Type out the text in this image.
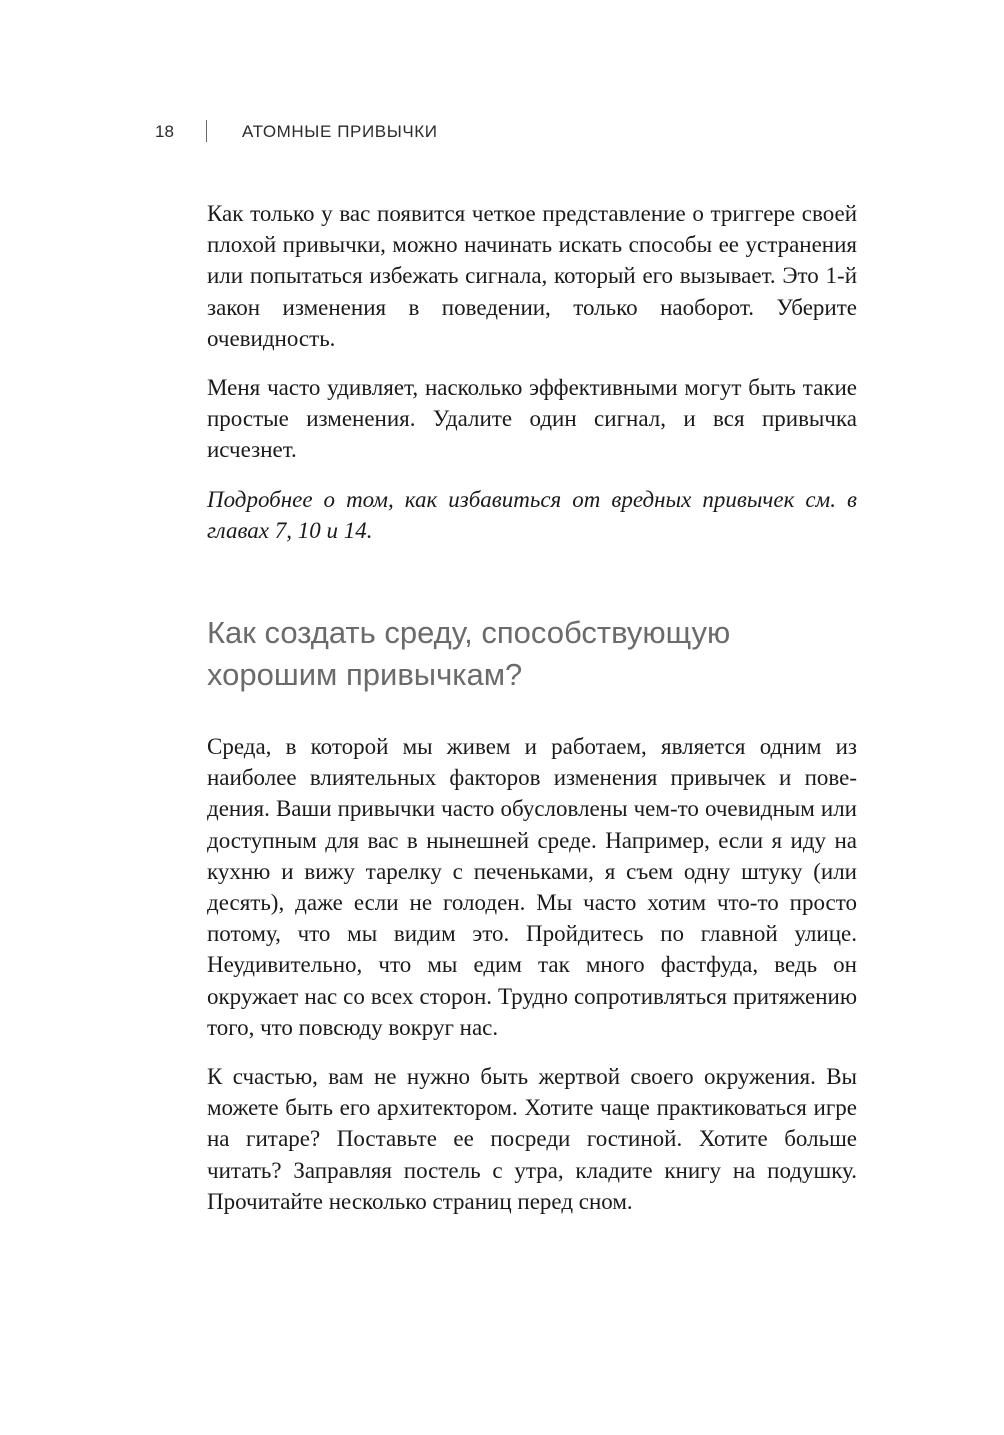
18	АТОМНЫЕ ПРИВЫЧКИ

Как только у вас появится четкое представление о триггере своей плохой привычки, можно начинать искать способы ее устранения или попытаться избежать сигнала, который его вызывает. Это 1-й закон изменения в поведении, только наоборот. Уберите очевидность.

Меня часто удивляет, насколько эффективными могут быть такие простые изменения. Удалите один сигнал, и вся привычка исчезнет.

Подробнее о том, как избавиться от вредных привычек см. в главах 7, 10 и 14.

Как создать среду, способствующую хорошим привычкам?

Среда, в которой мы живем и работаем, является одним из наиболее влиятельных факторов изменения привычек и поведения. Ваши привычки часто обусловлены чем-то очевидным или доступным для вас в нынешней среде. Например, если я иду на кухню и вижу тарелку с печеньками, я съем одну штуку (или десять), даже если не голоден. Мы часто хотим что-то просто потому, что мы видим это. Пройдитесь по главной улице. Неудивительно, что мы едим так много фастфуда, ведь он окружает нас со всех сторон. Трудно сопротивляться притяжению того, что повсюду вокруг нас.

К счастью, вам не нужно быть жертвой своего окружения. Вы можете быть его архитектором. Хотите чаще практиковаться игре на гитаре? Поставьте ее посреди гостиной. Хотите больше читать? Заправляя постель с утра, кладите книгу на подушку. Прочитайте несколько страниц перед сном.
